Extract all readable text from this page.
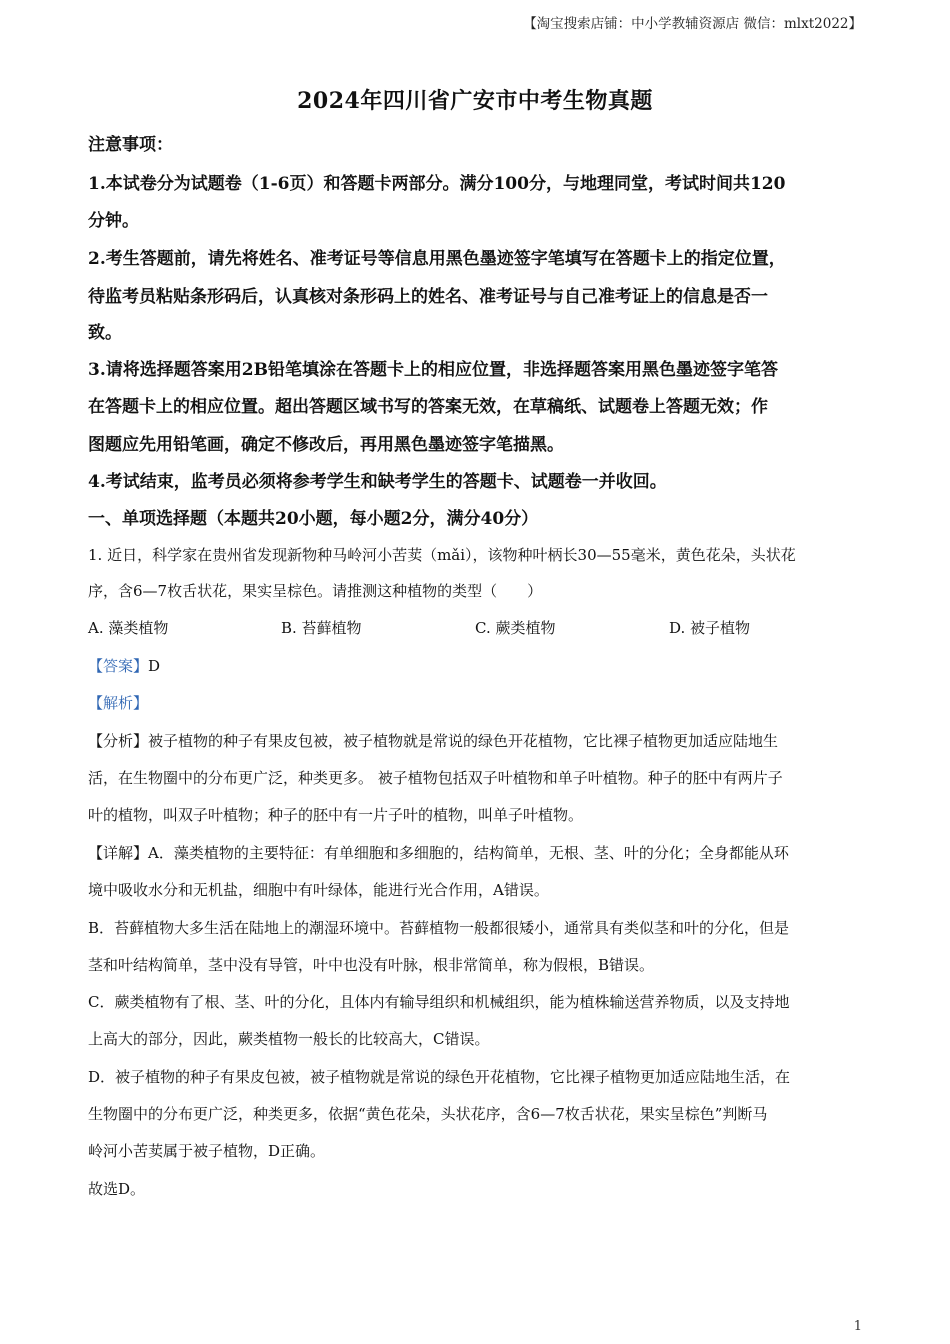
【淘宝搜索店铺：中小学教辅资源店 微信：mlxt2022】
2024年四川省广安市中考生物真题
注意事项：
1.本试卷分为试题卷（1-6页）和答题卡两部分。满分100分，与地理同堂，考试时间共120
分钟。
2.考生答题前，请先将姓名、准考证号等信息用黑色墨迹签字笔填写在答题卡上的指定位置，
待监考员粘贴条形码后，认真核对条形码上的姓名、准考证号与自己准考证上的信息是否一
致。
3.请将选择题答案用2B铅笔填涂在答题卡上的相应位置，非选择题答案用黑色墨迹签字笔答
在答题卡上的相应位置。超出答题区域书写的答案无效，在草稿纸、试题卷上答题无效；作
图题应先用铅笔画，确定不修改后，再用黑色墨迹签字笔描黑。
4.考试结束，监考员必须将参考学生和缺考学生的答题卡、试题卷一并收回。
一、单项选择题（本题共20小题，每小题2分，满分40分）
1. 近日，科学家在贵州省发现新物种马岭河小苦荬（mǎi），该物种叶柄长30—55毫米，黄色花朵，头状花
序，含6—7枚舌状花，果实呈棕色。请推测这种植物的类型（　　）
A. 藻类植物	B. 苔藓植物	C. 蕨类植物	D. 被子植物
【答案】D
【解析】
【分析】被子植物的种子有果皮包被，被子植物就是常说的绿色开花植物，它比裸子植物更加适应陆地生
活，在生物圈中的分布更广泛，种类更多。 被子植物包括双子叶植物和单子叶植物。种子的胚中有两片子
叶的植物，叫双子叶植物；种子的胚中有一片子叶的植物，叫单子叶植物。
【详解】A．藻类植物的主要特征：有单细胞和多细胞的，结构简单，无根、茎、叶的分化；全身都能从环
境中吸收水分和无机盐，细胞中有叶绿体，能进行光合作用，A错误。
B．苔藓植物大多生活在陆地上的潮湿环境中。苔藓植物一般都很矮小，通常具有类似茎和叶的分化，但是
茎和叶结构简单，茎中没有导管，叶中也没有叶脉，根非常简单，称为假根，B错误。
C．蕨类植物有了根、茎、叶的分化，且体内有输导组织和机械组织，能为植株输送营养物质，以及支持地
上高大的部分，因此，蕨类植物一般长的比较高大，C错误。
D．被子植物的种子有果皮包被，被子植物就是常说的绿色开花植物，它比裸子植物更加适应陆地生活，在
生物圈中的分布更广泛，种类更多，依据“黄色花朵，头状花序，含6—7枚舌状花，果实呈棕色”判断马
岭河小苦荬属于被子植物，D正确。
故选D。
1
